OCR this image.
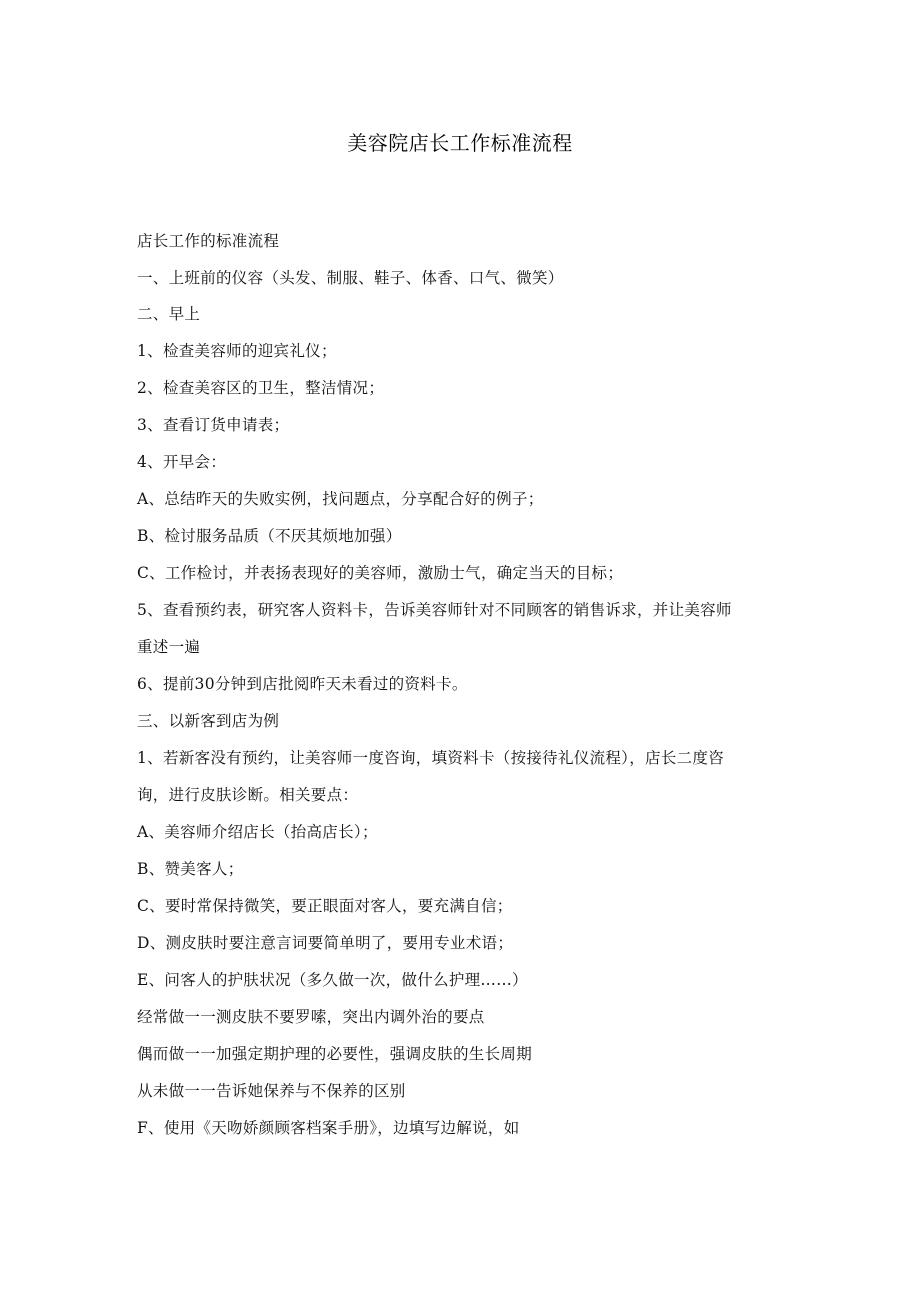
美容院店长工作标准流程
店长工作的标准流程
一、上班前的仪容（头发、制服、鞋子、体香、口气、微笑）
二、早上
1、检查美容师的迎宾礼仪；
2、检查美容区的卫生，整洁情况；
3、查看订货申请表；
4、开早会：
A、总结昨天的失败实例，找问题点，分享配合好的例子；
B、检讨服务品质（不厌其烦地加强）
C、工作检讨，并表扬表现好的美容师，激励士气，确定当天的目标；
5、查看预约表，研究客人资料卡，告诉美容师针对不同顾客的销售诉求，并让美容师
重述一遍
6、提前30分钟到店批阅昨天未看过的资料卡。
三、以新客到店为例
1、若新客没有预约，让美容师一度咨询，填资料卡（按接待礼仪流程），店长二度咨
询，进行皮肤诊断。相关要点：
A、美容师介绍店长（抬高店长）；
B、赞美客人；
C、要时常保持微笑，要正眼面对客人，要充满自信；
D、测皮肤时要注意言词要简单明了，要用专业术语；
E、问客人的护肤状况（多久做一次，做什么护理……）
经常做一一测皮肤不要罗嗦，突出内调外治的要点
偶而做一一加强定期护理的必要性，强调皮肤的生长周期
从未做一一告诉她保养与不保养的区别
F、使用《天吻娇颜顾客档案手册》，边填写边解说，如
